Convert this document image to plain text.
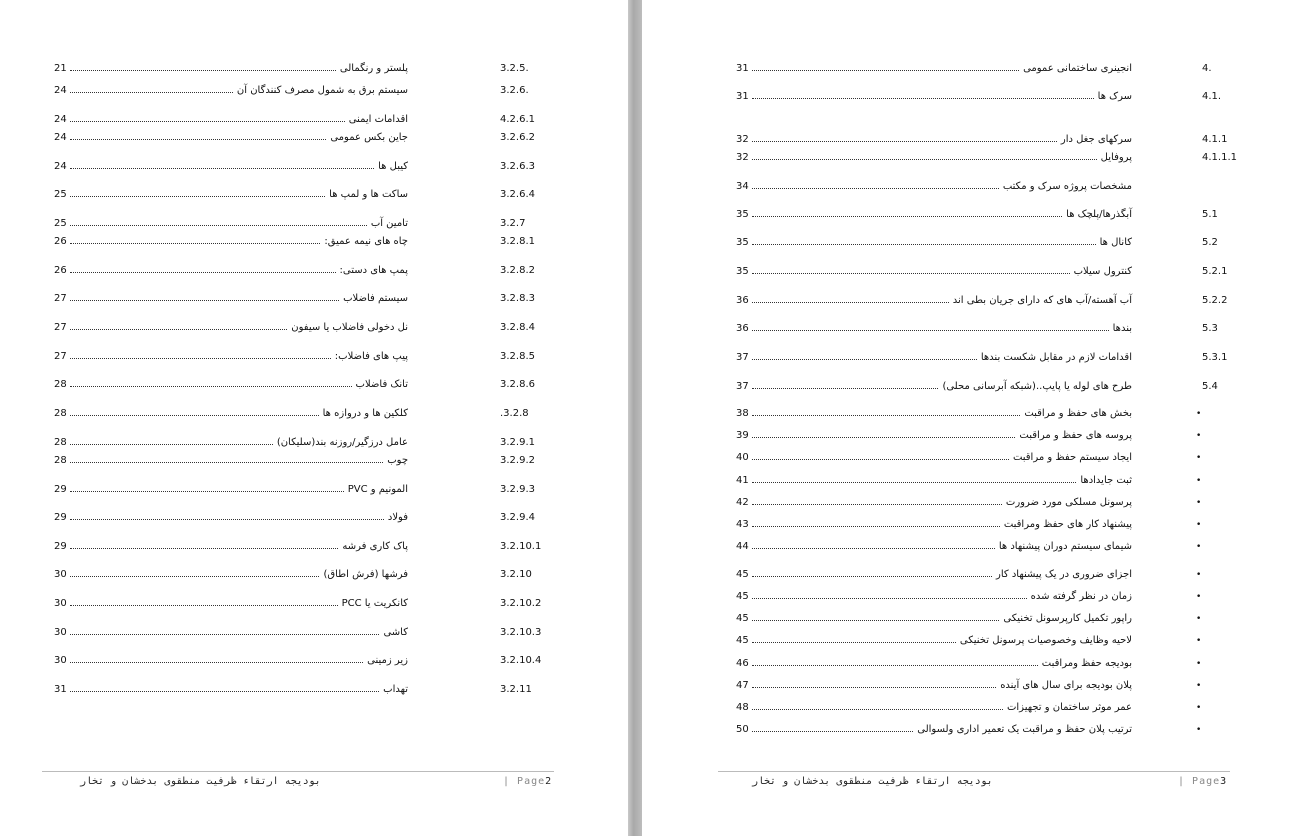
21	پلستر و رنگمالی	3.2.5.
24	سیستم برق به شمول مصرف کنندگان آن	3.2.6.
24	اقدامات ایمنی	4.2.6.1
24	جاین بکس عمومی	3.2.6.2
24	کیبل ها	3.2.6.3
25	ساکت ها و لمپ ها	3.2.6.4
25	تامین آب	3.2.7
26	چاه های نیمه عمیق:	3.2.8.1
26	پمپ های دستی:	3.2.8.2
27	سیستم فاضلاب	3.2.8.3
27	نل دخولی فاضلاب یا سیفون	3.2.8.4
27	پیپ های فاضلاب:	3.2.8.5
28	تانک فاضلاب	3.2.8.6
28	کلکین ها و دروازه ها	.3.2.8
28	عامل درزگیر/روزنه بند(سلیکان)	3.2.9.1
28	چوب	3.2.9.2
29	المونیم و PVC	3.2.9.3
29	فولاد	3.2.9.4
29	پاک کاری فرشه	3.2.10.1
30	فرشها (فرش اطاق)	3.2.10
30	کانکریت یا PCC	3.2.10.2
30	کاشی	3.2.10.3
30	زیر زمینی	3.2.10.4
31	تهداب	3.2.11
| Page2
بودیجه ارتقاء ظرفیت منطقوی بدخشان و تخار
31	انجینری ساختمانی عمومی	4.
31	سرک ها	4.1.
32	سرکهای جغل دار	4.1.1
32	پروفایل	4.1.1.1
34	مشخصات پروژه سرک و مکتب
35	آبگذرها/پلچک ها	5.1
35	کانال ها	5.2
35	کنترول سیلاب	5.2.1
36	آب آهسته/آب های که دارای جریان بطی اند	5.2.2
36	بندها	5.3
37	اقدامات لازم در مقابل شکست بندها	5.3.1
37	طرح های لوله یا پایپ..(شبکه آبرسانی محلی)	5.4
38	بخش های حفظ و مراقبت	•
39	پروسه های حفظ و مراقبت	•
40	ایجاد سیستم حفظ و مراقبت	•
41	ثبت جایدادها	•
42	پرسونل مسلکی مورد ضرورت	•
43	پیشنهاد کار های حفظ ومراقبت	•
44	شیمای سیستم دوران پیشنهاد ها	•
45	اجزای ضروری در یک پیشنهاد کار	•
45	زمان در نظر گرفته شده	•
45	راپور تکمیل کارپرسونل تخنیکی	•
45	لاحیه وظایف وخصوصیات پرسونل تخنیکی	•
46	بودیجه حفظ ومراقبت	•
47	پلان بودیجه برای سال های آینده	•
48	عمر موثر ساختمان و تجهیزات	•
50	ترتیب پلان حفظ و مراقبت یک تعمیر اداری ولسوالی	•
| Page3
بودیجه ارتقاء ظرفیت منطقوی بدخشان و تخار
